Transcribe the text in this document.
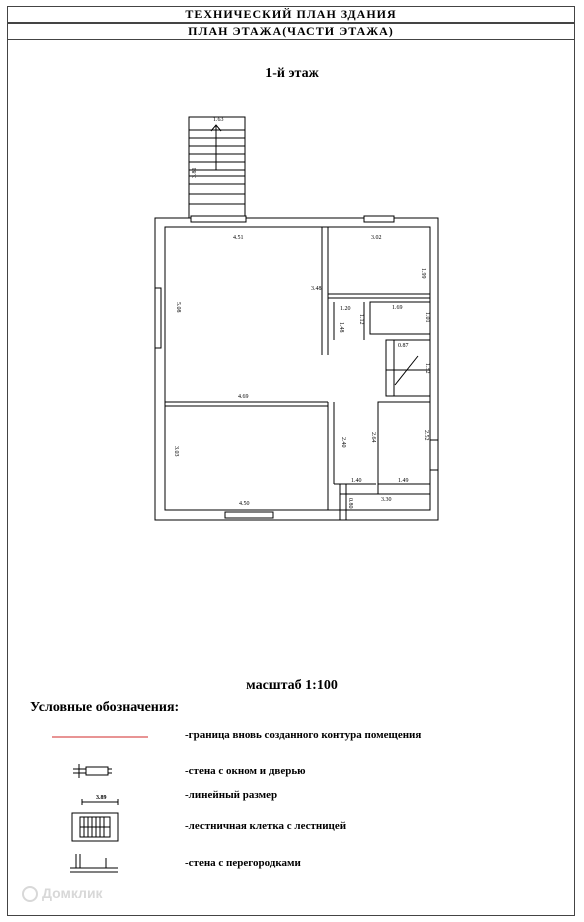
ТЕХНИЧЕСКИЙ ПЛАН ЗДАНИЯ
ПЛАН ЭТАЖА(ЧАСТИ ЭТАЖА)
1-й этаж
1.63
3.81
4.51	3.02
1.99
5.08
3.48
1.20	1.69
1.01
1.12
1.48
0.87
1.52
4.69
3.03
2.40	2.64	2.52
1.40	1.49
4.50	0.80	3.30
3.89
масштаб 1:100
Условные обозначения:
-граница вновь созданного контура помещения
-стена с окном и дверью
-линейный размер
-лестничная клетка с лестницей
-стена с перегородками
Домклик
